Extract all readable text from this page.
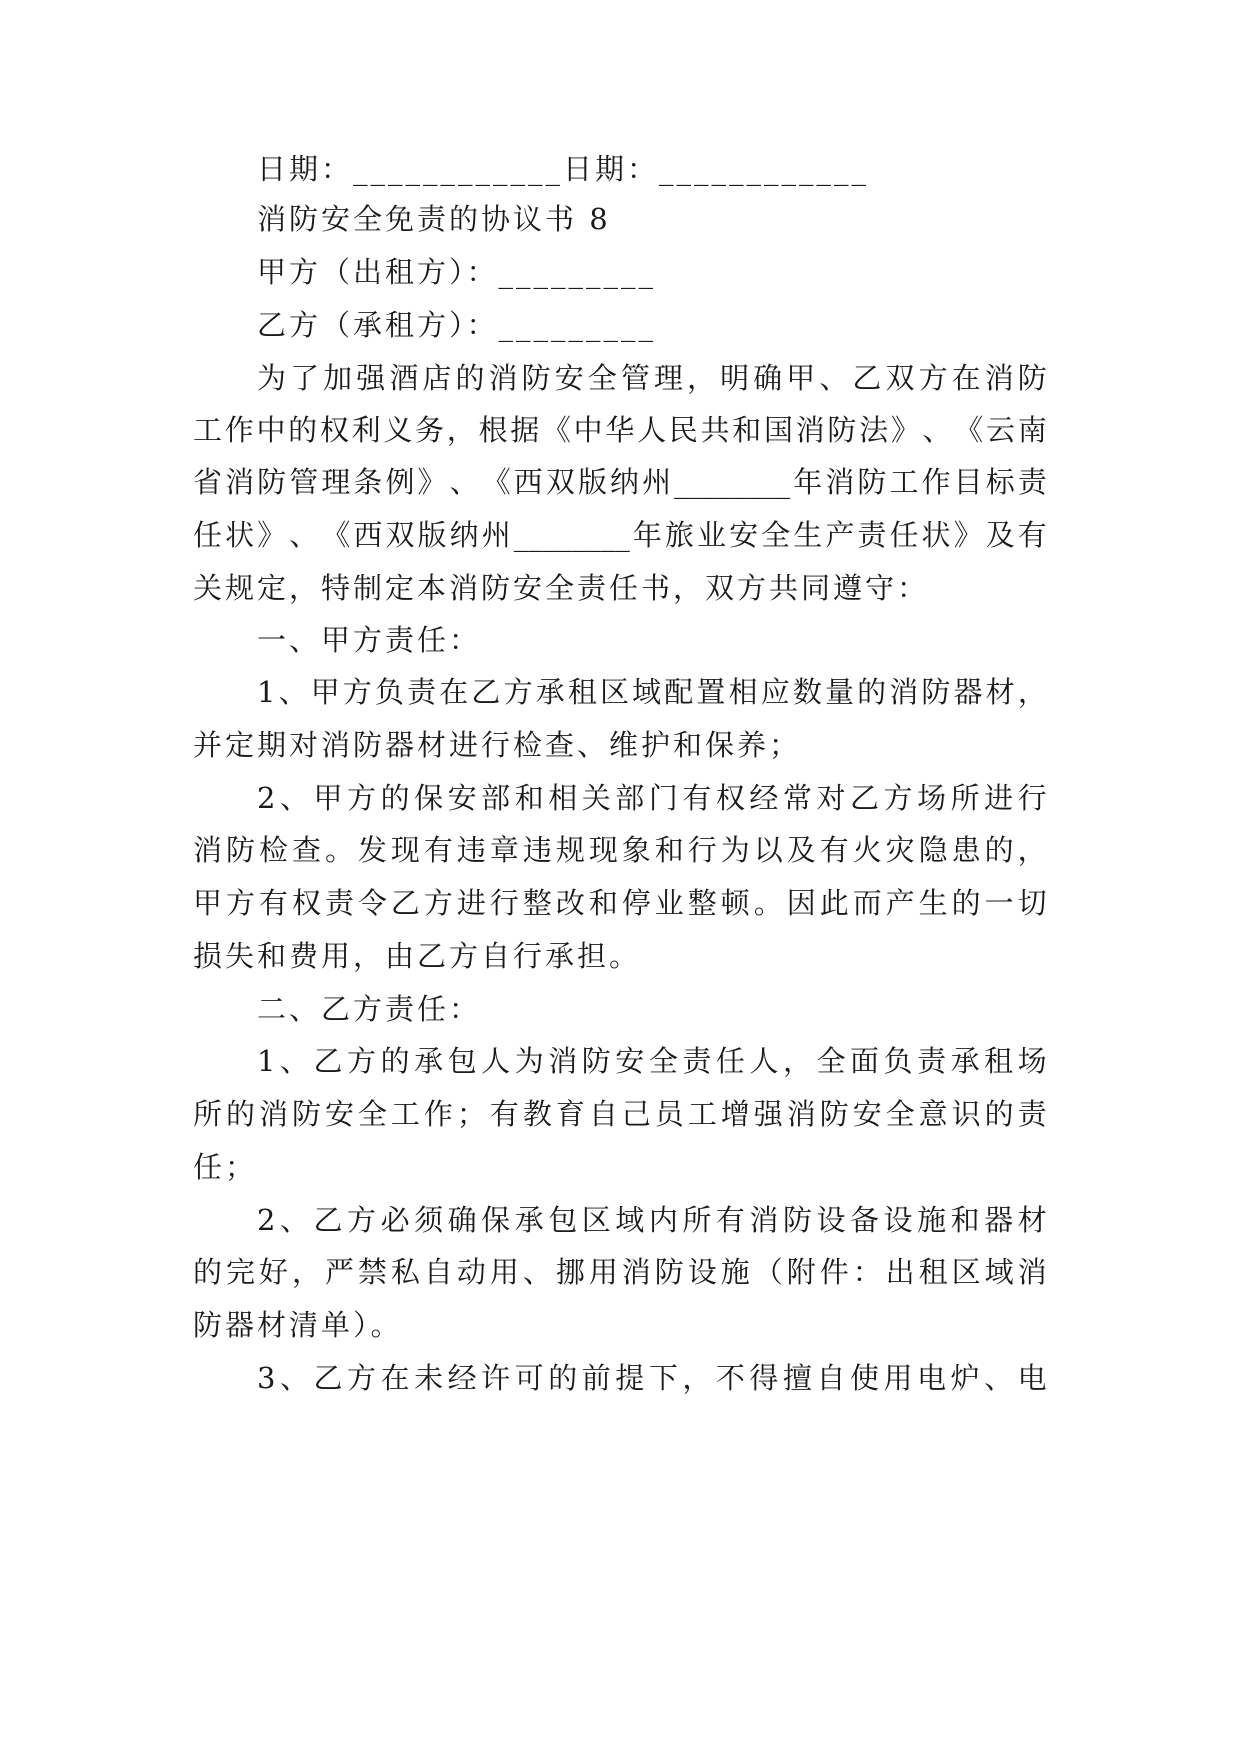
日期：____________日期：____________
消防安全免责的协议书 8
甲方（出租方）：_________
乙方（承租方）：_________
为 了 加 强 酒 店 的 消 防 安 全 管 理 ， 明 确 甲 、 乙 双 方 在 消 防
工 作 中 的 权 利 义 务 ， 根 据 《 中 华 人 民 共 和 国 消 防 法 》 、 《 云 南
省 消 防 管 理 条 例 》 、 《 西 双 版 纳 州 ________ 年 消 防 工 作 目 标 责
任 状 》 、 《 西 双 版 纳 州 ________ 年 旅 业 安 全 生 产 责 任 状 》 及 有
关规定，特制定本消防安全责任书，双方共同遵守：
一、甲方责任：
1 、 甲 方 负 责 在 乙 方 承 租 区 域 配 置 相 应 数 量 的 消 防 器 材 ，
并定期对消防器材进行检查、维护和保养；
2 、 甲 方 的 保 安 部 和 相 关 部 门 有 权 经 常 对 乙 方 场 所 进 行
消 防 检 查 。 发 现 有 违 章 违 规 现 象 和 行 为 以 及 有 火 灾 隐 患 的 ，
甲 方 有 权 责 令 乙 方 进 行 整 改 和 停 业 整 顿 。 因 此 而 产 生 的 一 切
损失和费用，由乙方自行承担。
二、乙方责任：
1 、 乙 方 的 承 包 人 为 消 防 安 全 责 任 人 ， 全 面 负 责 承 租 场
所 的 消 防 安 全 工 作 ； 有 教 育 自 己 员 工 增 强 消 防 安 全 意 识 的 责
任；
2 、 乙 方 必 须 确 保 承 包 区 域 内 所 有 消 防 设 备 设 施 和 器 材
的 完 好 ， 严 禁 私 自 动 用 、 挪 用 消 防 设 施 （ 附 件 ： 出 租 区 域 消
防器材清单）。
3 、 乙 方 在 未 经 许 可 的 前 提 下 ， 不 得 擅 自 使 用 电 炉 、 电
